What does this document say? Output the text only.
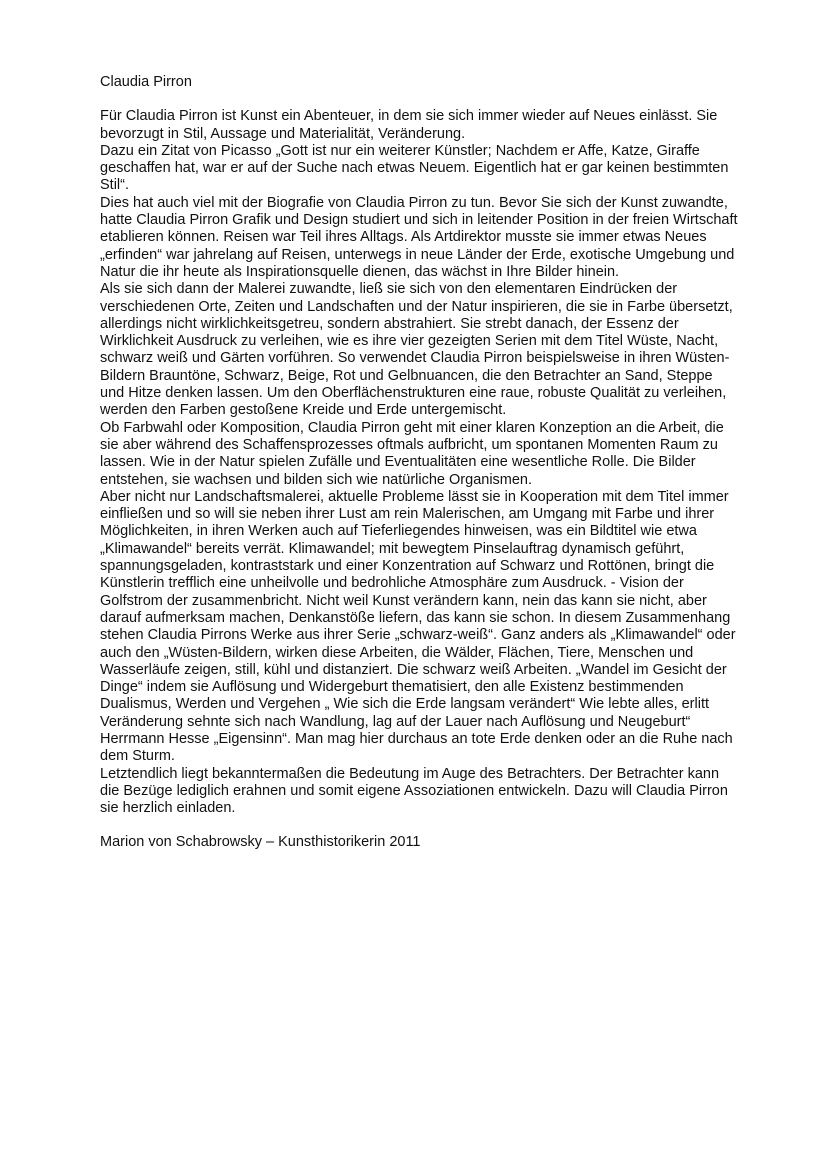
Claudia Pirron

Für Claudia Pirron ist Kunst ein Abenteuer, in dem sie sich immer wieder auf Neues einlässt. Sie
bevorzugt in Stil, Aussage und Materialität, Veränderung.

Dazu ein Zitat von Picasso „Gott ist nur ein weiterer Künstler; Nachdem er Affe, Katze, Giraffe
geschaffen hat, war er auf der Suche nach etwas Neuem. Eigentlich hat er gar keinen bestimmten
Stil“.

Dies hat auch viel mit der Biografie von Claudia Pirron zu tun. Bevor Sie sich der Kunst zuwandte,
hatte Claudia Pirron Grafik und Design studiert und sich in leitender Position in der freien Wirtschaft
etablieren können. Reisen war Teil ihres Alltags. Als Artdirektor musste sie immer etwas Neues
„erfinden“ war jahrelang auf Reisen, unterwegs in neue Länder der Erde, exotische Umgebung und
Natur die ihr heute als Inspirationsquelle dienen, das wächst in Ihre Bilder hinein.

Als sie sich dann der Malerei zuwandte, ließ sie sich von den elementaren Eindrücken der
verschiedenen Orte, Zeiten und Landschaften und der Natur inspirieren, die sie in Farbe übersetzt,
allerdings nicht wirklichkeitsgetreu, sondern abstrahiert. Sie strebt danach, der Essenz der
Wirklichkeit Ausdruck zu verleihen, wie es ihre vier gezeigten Serien mit dem Titel Wüste, Nacht,
schwarz weiß und Gärten vorführen. So verwendet Claudia Pirron beispielsweise in ihren Wüsten-
Bildern Brauntöne, Schwarz, Beige, Rot und Gelbnuancen, die den Betrachter an Sand, Steppe
und Hitze denken lassen. Um den Oberflächenstrukturen eine raue, robuste Qualität zu verleihen,
werden den Farben gestoßene Kreide und Erde untergemischt.

Ob Farbwahl oder Komposition, Claudia Pirron geht mit einer klaren Konzeption an die Arbeit, die
sie aber während des Schaffensprozesses oftmals aufbricht, um spontanen Momenten Raum zu
lassen. Wie in der Natur spielen Zufälle und Eventualitäten eine wesentliche Rolle. Die Bilder
entstehen, sie wachsen und bilden sich wie natürliche Organismen.

Aber nicht nur Landschaftsmalerei, aktuelle Probleme lässt sie in Kooperation mit dem Titel immer
einfließen und so will sie neben ihrer Lust am rein Malerischen, am Umgang mit Farbe und ihrer
Möglichkeiten, in ihren Werken auch auf Tieferliegendes hinweisen, was ein Bildtitel wie etwa
„Klimawandel“ bereits verrät. Klimawandel; mit bewegtem Pinselauftrag dynamisch geführt,
spannungsgeladen, kontraststark und einer Konzentration auf Schwarz und Rottönen, bringt die
Künstlerin trefflich eine unheilvolle und bedrohliche Atmosphäre zum Ausdruck. - Vision der
Golfstrom der zusammenbricht. Nicht weil Kunst verändern kann, nein das kann sie nicht, aber
darauf aufmerksam machen, Denkanstöße liefern, das kann sie schon. In diesem Zusammenhang
stehen Claudia Pirrons Werke aus ihrer Serie „schwarz-weiß“. Ganz anders als „Klimawandel“ oder
auch den „Wüsten-Bildern, wirken diese Arbeiten, die Wälder, Flächen, Tiere, Menschen und
Wasserläufe zeigen, still, kühl und distanziert. Die schwarz weiß Arbeiten. „Wandel im Gesicht der
Dinge“ indem sie Auflösung und Widergeburt thematisiert, den alle Existenz bestimmenden
Dualismus, Werden und Vergehen „ Wie sich die Erde langsam verändert“ Wie lebte alles, erlitt
Veränderung sehnte sich nach Wandlung, lag auf der Lauer nach Auflösung und Neugeburt“
Herrmann Hesse „Eigensinn“. Man mag hier durchaus an tote Erde denken oder an die Ruhe nach
dem Sturm.

Letztendlich liegt bekanntermaßen die Bedeutung im Auge des Betrachters. Der Betrachter kann
die Bezüge lediglich erahnen und somit eigene Assoziationen entwickeln. Dazu will Claudia Pirron
sie herzlich einladen.

Marion von Schabrowsky – Kunsthistorikerin 2011
